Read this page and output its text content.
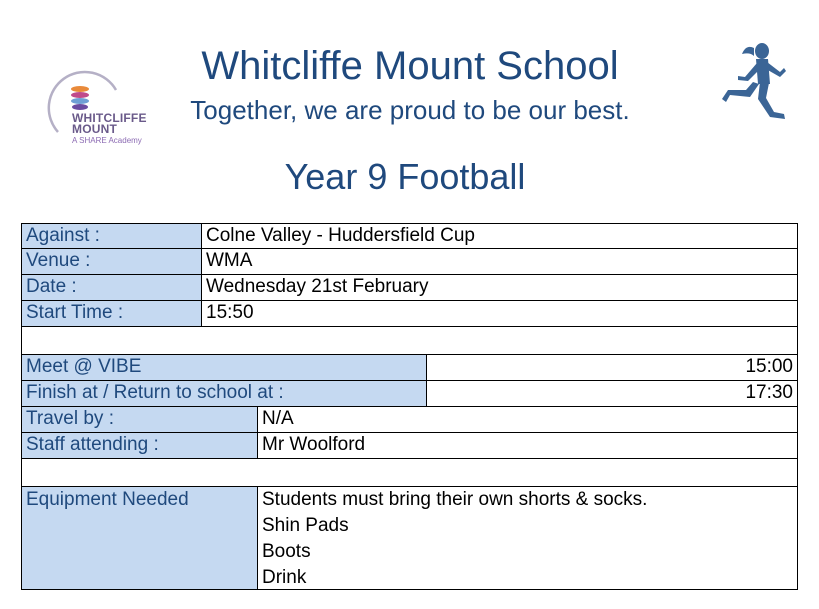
WHITCLIFFE
MOUNT
A SHARE Academy
Whitcliffe Mount School
Together, we are proud to be our best.
Year 9 Football
Against :	Colne Valley - Huddersfield Cup
Venue :	WMA
Date :	Wednesday 21st February
Start Time :	15:50
Meet @ VIBE	15:00
Finish at / Return to school at :	17:30
Travel by :	N/A
Staff attending :	Mr Woolford
Equipment Needed	Students must bring their own shorts & socks.
Shin Pads
Boots
Drink
